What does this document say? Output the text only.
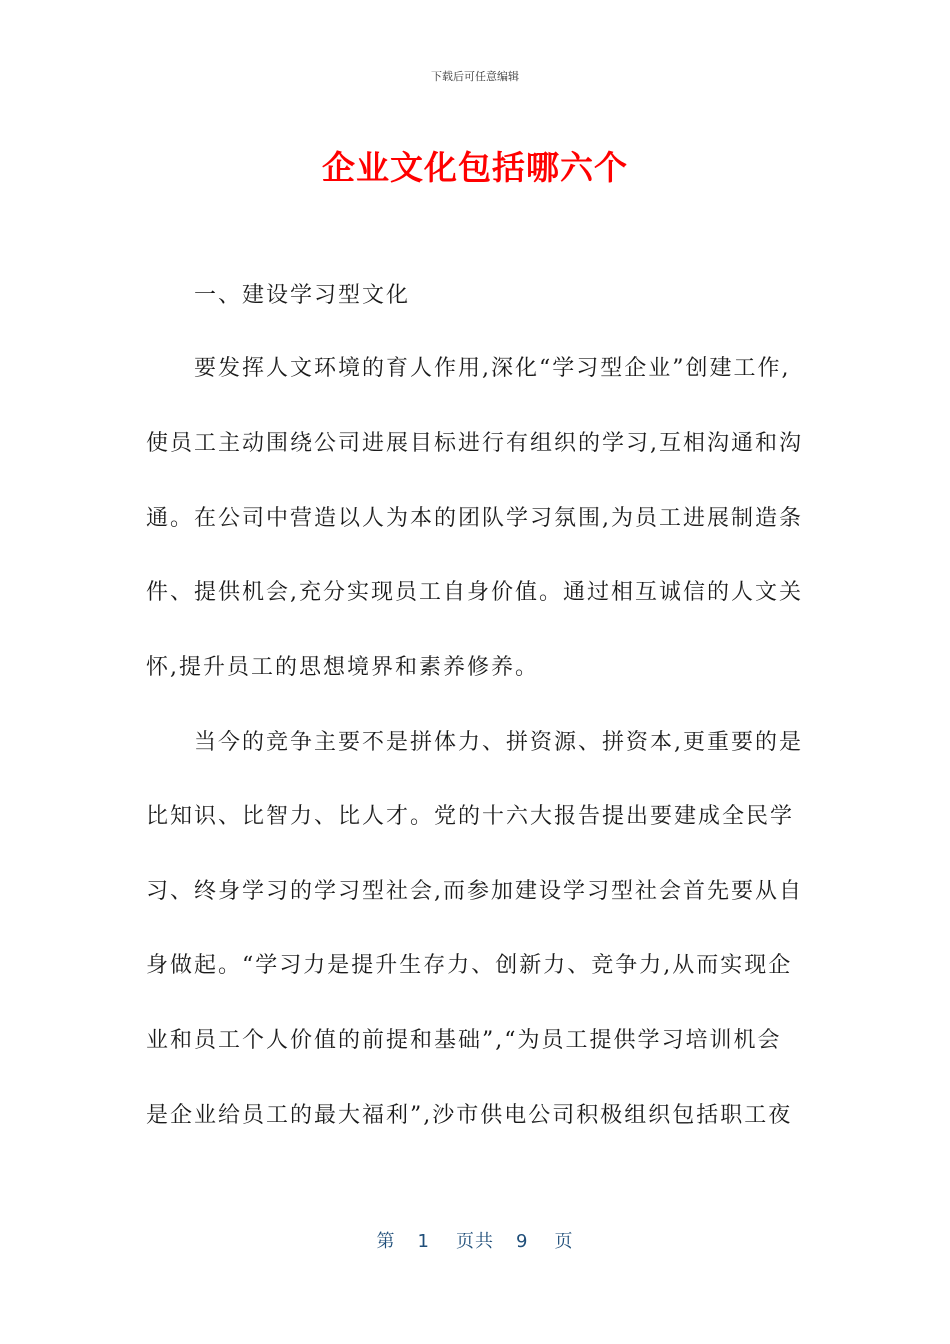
下载后可任意编辑
企业文化包括哪六个
一、建设学习型文化
要发挥人文环境的育人作用,深化“学习型企业”创建工作,
使员工主动围绕公司进展目标进行有组织的学习,互相沟通和沟
通。在公司中营造以人为本的团队学习氛围,为员工进展制造条
件、提供机会,充分实现员工自身价值。通过相互诚信的人文关
怀,提升员工的思想境界和素养修养。
当今的竞争主要不是拼体力、拼资源、拼资本,更重要的是
比知识、比智力、比人才。党的十六大报告提出要建成全民学
习、终身学习的学习型社会,而参加建设学习型社会首先要从自
身做起。“学习力是提升生存力、创新力、竞争力,从而实现企
业和员工个人价值的前提和基础”,“为员工提供学习培训机会
是企业给员工的最大福利”,沙市供电公司积极组织包括职工夜
第 1 页共 9 页
